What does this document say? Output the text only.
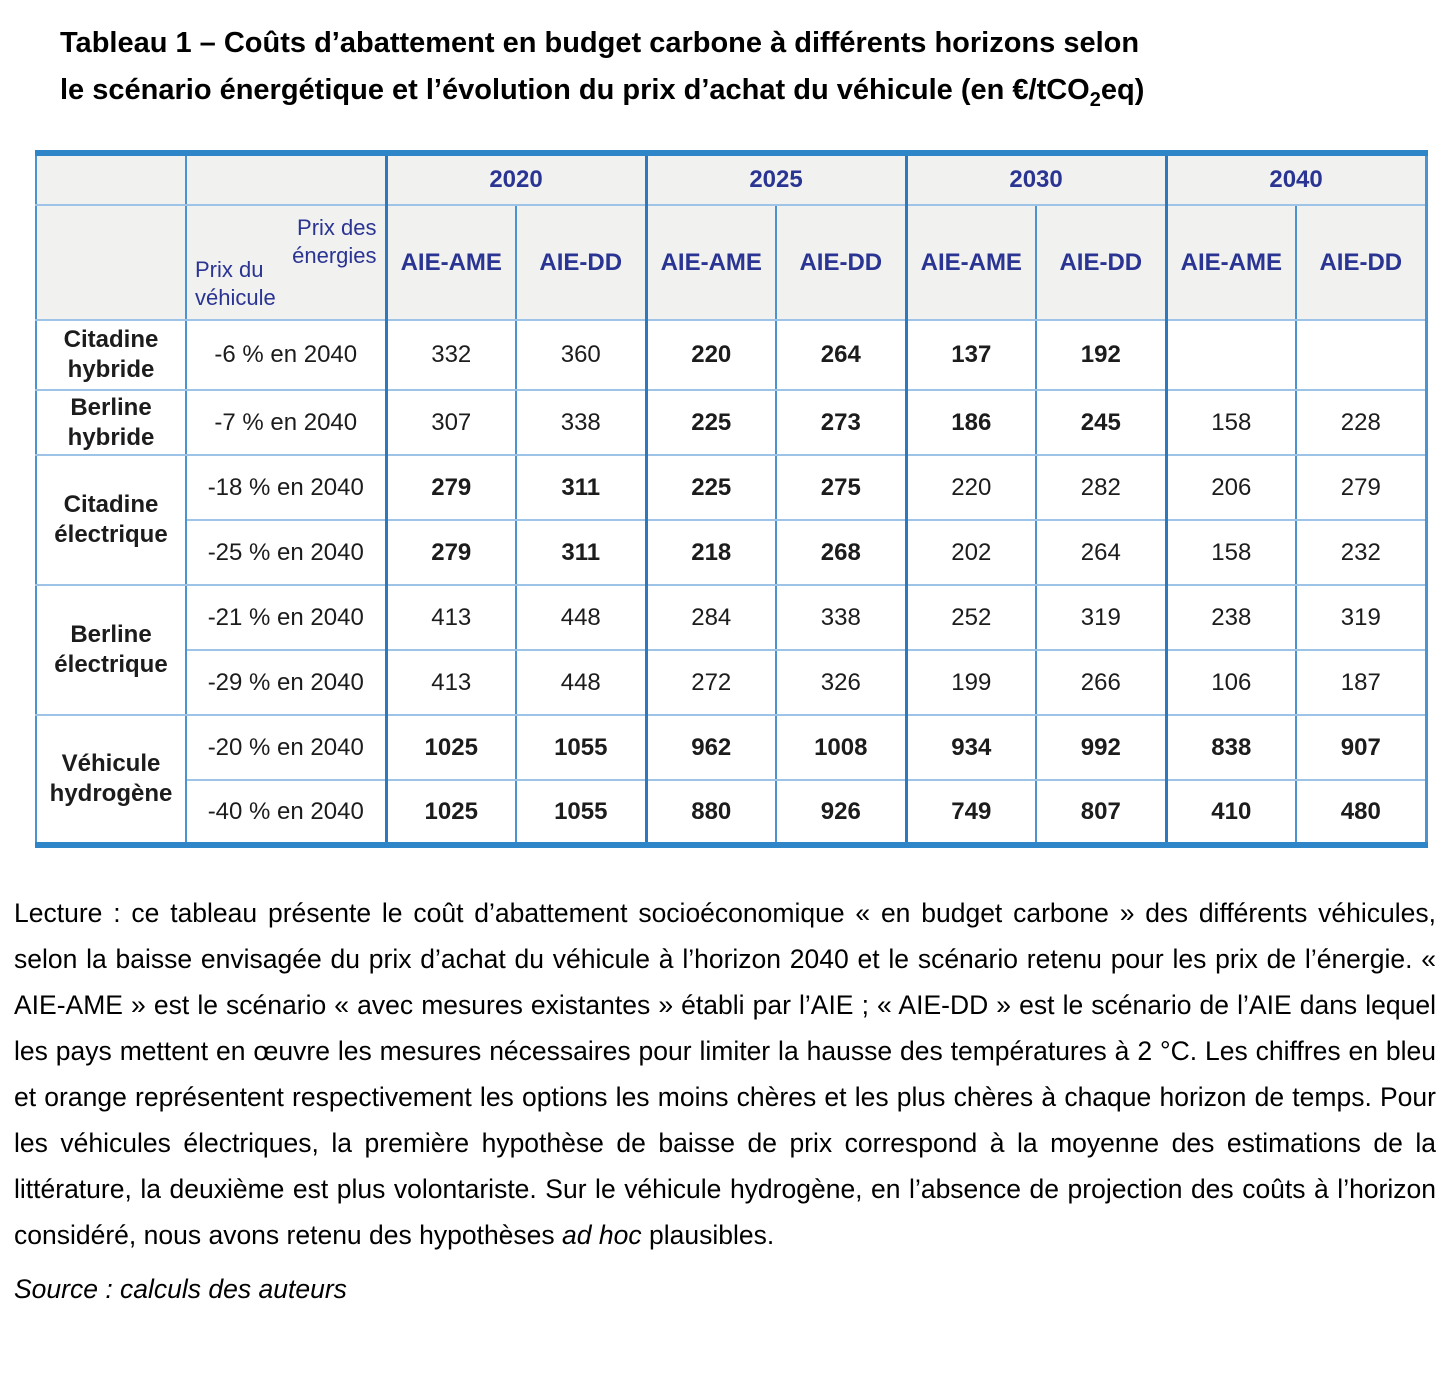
Tableau 1 – Coûts d’abattement en budget carbone à différents horizons selon
le scénario énergétique et l’évolution du prix d’achat du véhicule (en €/tCO$_2$eq)
		2020		2025		2030		2040	

	Prix des énergies
Prix du véhicule	AIE-AME	AIE-DD	AIE-AME	AIE-DD	AIE-AME	AIE-DD	AIE-AME	AIE-DD
Citadine hybride	-6 % en 2040	332	360	220	264	137	192		
Berline hybride	-7 % en 2040	307	338	225	273	186	245	158	228
Citadine électrique	-18 % en 2040	279	311	225	275	220	282	206	279
	-25 % en 2040	279	311	218	268	202	264	158	232
Berline électrique	-21 % en 2040	413	448	284	338	252	319	238	319
	-29 % en 2040	413	448	272	326	199	266	106	187
Véhicule hydrogène	-20 % en 2040	1025	1055	962	1008	934	992	838	907
	-40 % en 2040	1025	1055	880	926	749	807	410	480

Lecture : ce tableau présente le coût d’abattement socioéconomique « en budget carbone » des différents véhicules, selon la baisse envisagée du prix d’achat du véhicule à l’horizon 2040 et le scénario retenu pour les prix de l’énergie. « AIE-AME » est le scénario « avec mesures existantes » établi par l’AIE ; « AIE-DD » est le scénario de l’AIE dans lequel les pays mettent en œuvre les mesures nécessaires pour limiter la hausse des températures à 2 °C. Les chiffres en bleu et orange représentent respectivement les options les moins chères et les plus chères à chaque horizon de temps. Pour les véhicules électriques, la première hypothèse de baisse de prix correspond à la moyenne des estimations de la littérature, la deuxième est plus volontariste. Sur le véhicule hydrogène, en l’absence de projection des coûts à l’horizon considéré, nous avons retenu des hypothèses ad hoc plausibles.

Source : calculs des auteurs
